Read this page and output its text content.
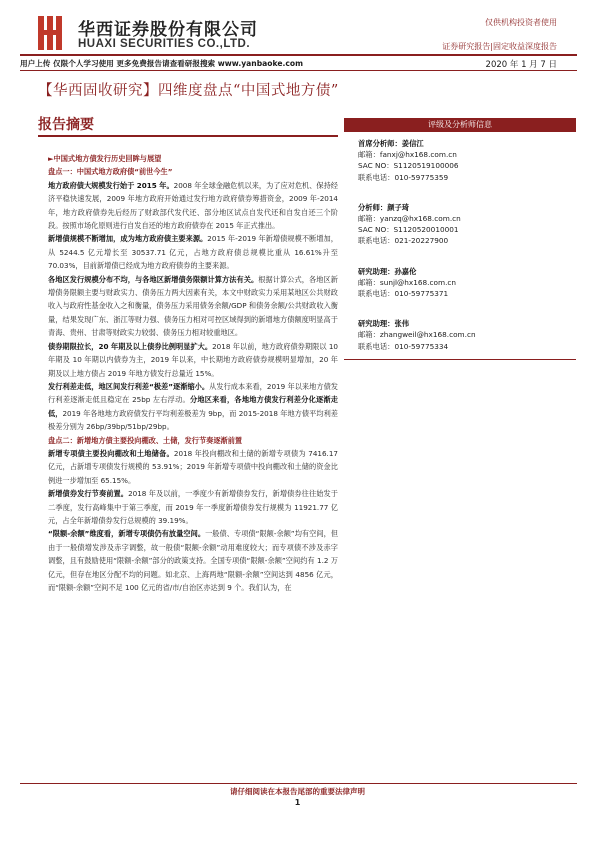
华西证券股份有限公司
HUAXI SECURITIES CO.,LTD.
仅供机构投资者使用
证券研究报告|固定收益深度报告
用户上传 仅限个人学习使用 更多免费报告请查看研报搜索 www.yanbaoke.com	2020 年 1 月 7 日
【华西固收研究】四维度盘点“中国式地方债”
报告摘要

►中国式地方债发行历史回眸与展望

盘点一：中国式地方政府债“前世今生”

地方政府债大规模发行始于 2015 年。2008 年全球金融危机以来，为了应对危机、保持经济平稳快速发展，2009 年地方政府开始通过发行地方政府债券筹措资金，2009 年-2014 年，地方政府债券先后经历了财政部代发代还、部分地区试点自发代还和自发自还三个阶段。按照市场化原则进行自发自还的地方政府债券在 2015 年正式推出。

新增债规模不断增加，成为地方政府债主要来源。2015 年-2019 年新增债规模不断增加，从 5244.5 亿元增长至 30537.71 亿元，占地方政府债总规模比重从 16.61%升至 70.03%，目前新增债已经成为地方政府债券的主要来源。

各地区发行规模分布不均，与各地区新增债务限额计算方法有关。根据计算公式，各地区新增债务限额主要与财政实力、债务压力两大因素有关，本文中财政实力采用某地区公共财政收入与政府性基金收入之和衡量，债务压力采用债务余额/GDP 和债务余额/公共财政收入衡量，结果发现广东、浙江等财力强、债务压力相对可控区域得到的新增地方债额度明显高于青海、贵州、甘肃等财政实力较弱、债务压力相对较重地区。

债券期限拉长，20 年期及以上债券比例明显扩大。2018 年以前，地方政府债券期限以 10 年期及 10 年期以内债券为主，2019 年以来，中长期地方政府债券规模明显增加，20 年期及以上地方债占 2019 年地方债发行总量近 15%。

发行利差走低，地区间发行利差“极差”逐渐缩小。从发行成本来看，2019 年以来地方债发行利差逐渐走低且稳定在 25bp 左右浮动。分地区来看，各地地方债发行利差分化逐渐走低，2019 年各地地方政府债发行平均利差极差为 9bp，而 2015-2018 年地方债平均利差极差分别为 26bp/39bp/51bp/29bp。

盘点二：新增地方债主要投向棚改、土储，发行节奏逐渐前置

新增专项债主要投向棚改和土地储备。2018 年投向棚改和土储的新增专项债为 7416.17 亿元，占新增专项债发行规模的 53.91%；2019 年新增专项债中投向棚改和土储的资金比例进一步增加至 65.15%。

新增债券发行节奏前置。2018 年及以前，一季度少有新增债券发行，新增债券往往始发于二季度，发行高峰集中于第三季度，而 2019 年一季度新增债券发行规模为 11921.77 亿元，占全年新增债券发行总规模的 39.19%。

“限额-余额”维度看，新增专项债仍有放量空间。一般债、专项债“限额-余额”均有空间，但由于一般债增发涉及赤字调整，故一般债“限额-余额”动用难度较大；而专项债不涉及赤字调整，且有鼓励使用“限额-余额”部分的政策支持。全国专项债“限额-余额”空间约有 1.2 万亿元，但存在地区分配不均的问题。如北京、上海两地“限额-余额”空间达到 4856 亿元，而“限额-余额”空间不足 100 亿元的省/市/自治区亦达到 9 个。我们认为，在

评级及分析师信息
首席分析师：姜信江
邮箱：fanxj@hx168.com.cn
SAC NO：S1120519100006
联系电话：010-59775359
分析师：颜子琦
邮箱：yanzq@hx168.com.cn
SAC NO：S1120520010001
联系电话：021-20227900
研究助理：孙嘉伦
邮箱：sunjl@hx168.com.cn
联系电话：010-59775371
研究助理：张伟
邮箱：zhangweil@hx168.com.cn
联系电话：010-59775334
请仔细阅读在本报告尾部的重要法律声明
1
